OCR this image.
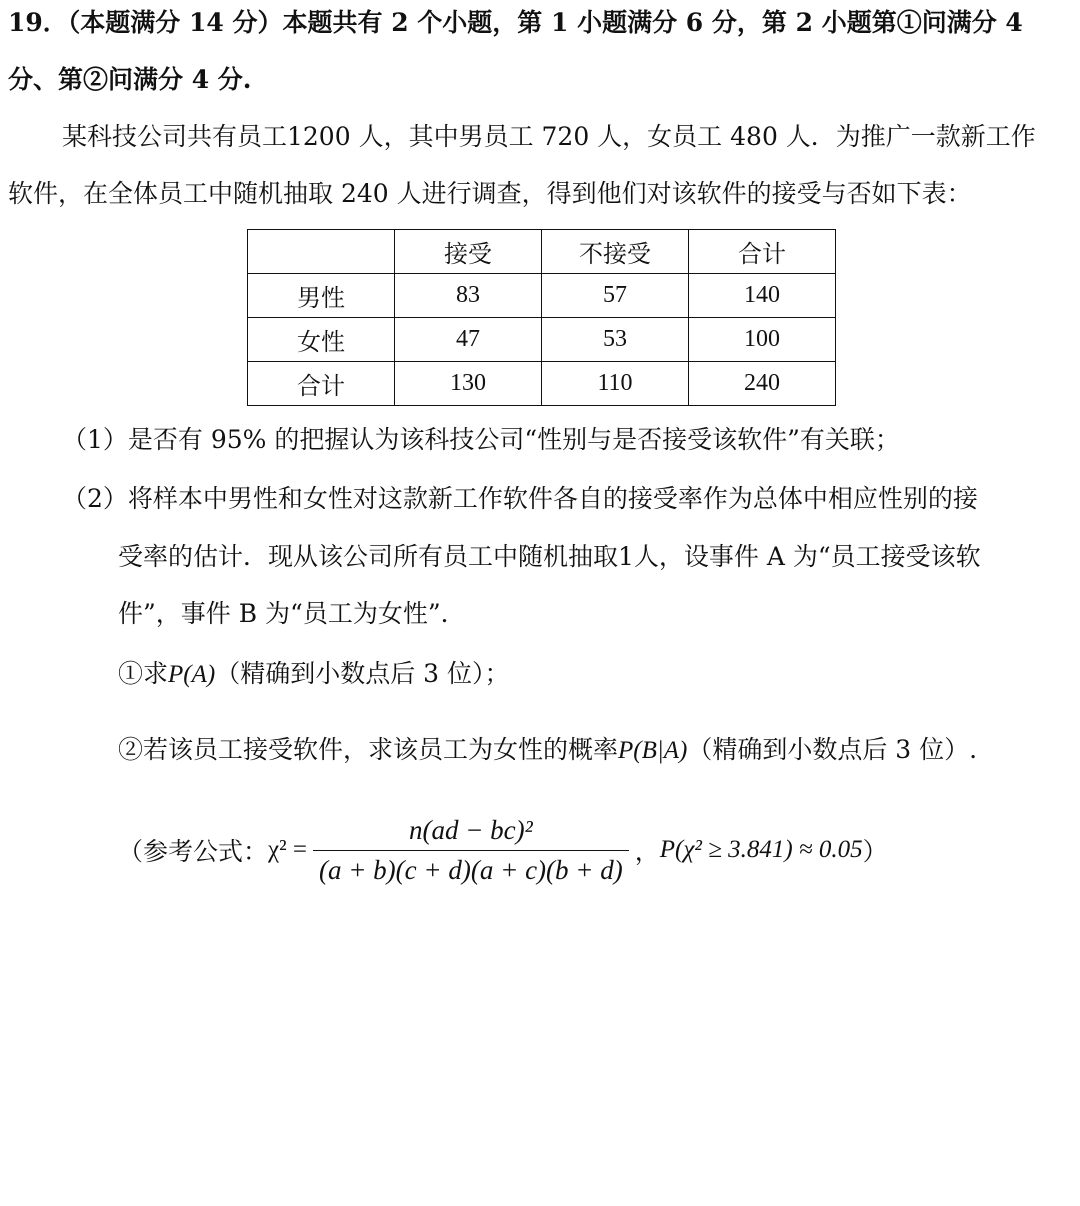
19．（本题满分 14 分）本题共有 2 个小题，第 1 小题满分 6 分，第 2 小题第①问满分 4
分、第②问满分 4 分.
某科技公司共有员工1200 人，其中男员工 720 人，女员工 480 人．为推广一款新工作
软件，在全体员工中随机抽取 240 人进行调查，得到他们对该软件的接受与否如下表：
	接受	不接受	合计
男性	83	57	140
女性	47	53	100
合计	130	110	240
（1）是否有 95% 的把握认为该科技公司“性别与是否接受该软件”有关联；
（2）将样本中男性和女性对这款新工作软件各自的接受率作为总体中相应性别的接
受率的估计．现从该公司所有员工中随机抽取1人，设事件 A 为“员工接受该软
件”，事件 B 为“员工为女性”．
①求P(A)（精确到小数点后 3 位）；
②若该员工接受软件，求该员工为女性的概率P(B|A)（精确到小数点后 3 位）.
（参考公式： $\chi^2 = \frac{\text{n(ad − bc)²}}{(a + b)(c + d)(a + c)(b + d)}$ ， P(χ² ≥ 3.841) ≈ 0.05 ）
